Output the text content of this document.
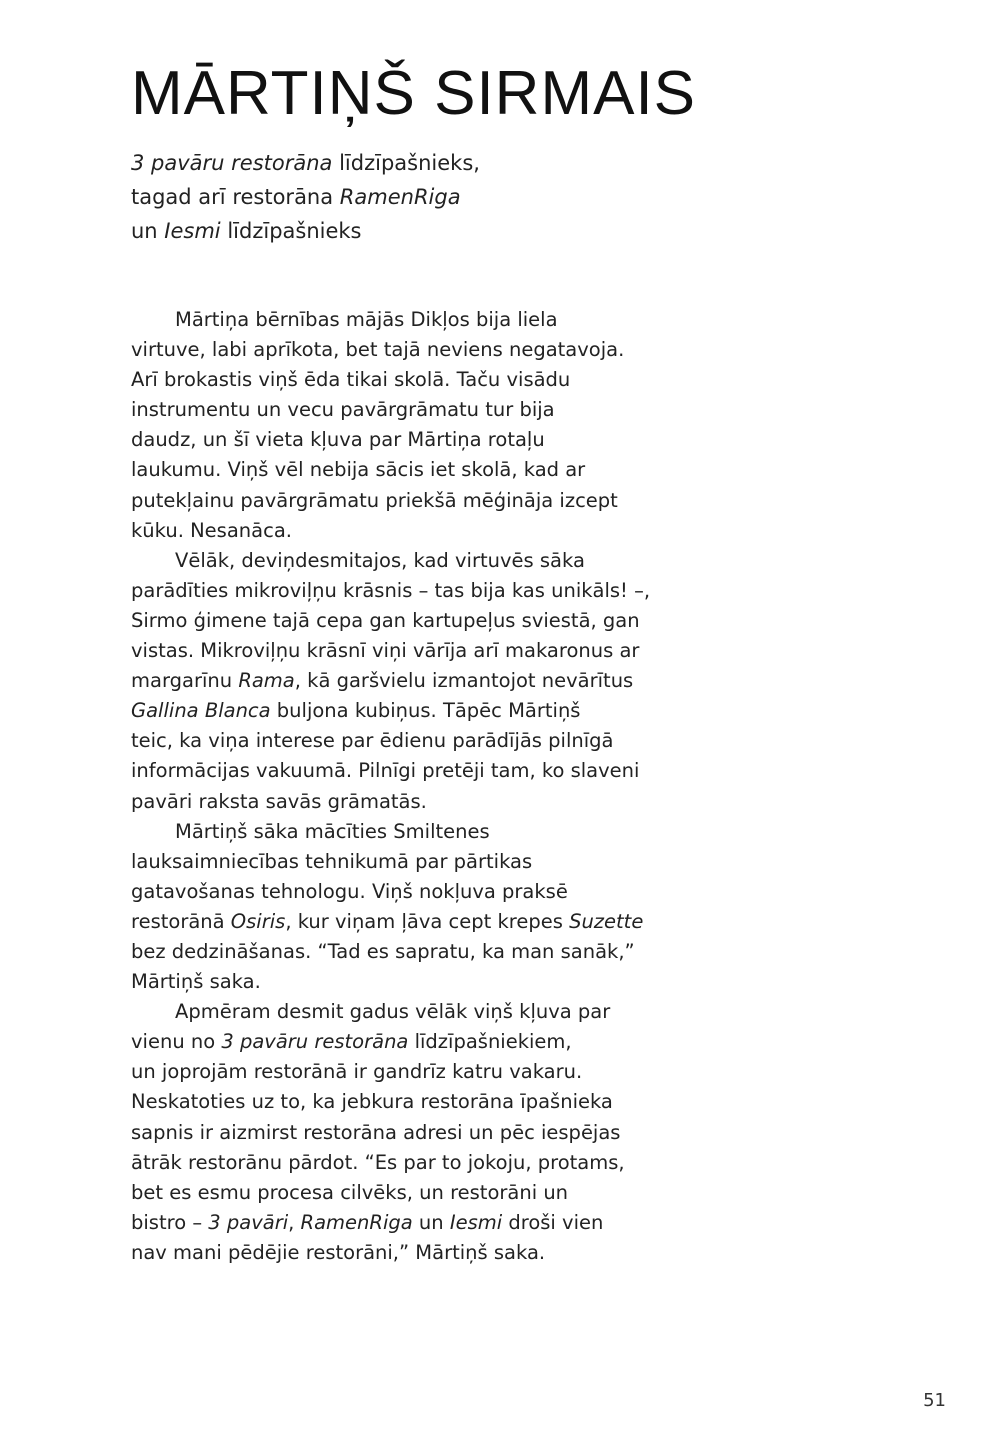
MĀRTIŅŠ SIRMAIS

3 pavāru restorāna līdzīpašnieks,
tagad arī restorāna RamenRiga
un Iesmi līdzīpašnieks

Mārtiņa bērnības mājās Dikļos bija liela
virtuve, labi aprīkota, bet tajā neviens negatavoja.
Arī brokastis viņš ēda tikai skolā. Taču visādu
instrumentu un vecu pavārgrāmatu tur bija
daudz, un šī vieta kļuva par Mārtiņa rotaļu
laukumu. Viņš vēl nebija sācis iet skolā, kad ar
putekļainu pavārgrāmatu priekšā mēģināja izcept
kūku. Nesanāca.
Vēlāk, deviņdesmitajos, kad virtuvēs sāka
parādīties mikroviļņu krāsnis – tas bija kas unikāls! –,
Sirmo ģimene tajā cepa gan kartupeļus sviestā, gan
vistas. Mikroviļņu krāsnī viņi vārīja arī makaronus ar
margarīnu Rama, kā garšvielu izmantojot nevārītus
Gallina Blanca buljona kubiņus. Tāpēc Mārtiņš
teic, ka viņa interese par ēdienu parādījās pilnīgā
informācijas vakuumā. Pilnīgi pretēji tam, ko slaveni
pavāri raksta savās grāmatās.
Mārtiņš sāka mācīties Smiltenes
lauksaimniecības tehnikumā par pārtikas
gatavošanas tehnologu. Viņš nokļuva praksē
restorānā Osiris, kur viņam ļāva cept krepes Suzette
bez dedzināšanas. “Tad es sapratu, ka man sanāk,”
Mārtiņš saka.
Apmēram desmit gadus vēlāk viņš kļuva par
vienu no 3 pavāru restorāna līdzīpašniekiem,
un joprojām restorānā ir gandrīz katru vakaru.
Neskatoties uz to, ka jebkura restorāna īpašnieka
sapnis ir aizmirst restorāna adresi un pēc iespējas
ātrāk restorānu pārdot. “Es par to jokoju, protams,
bet es esmu procesa cilvēks, un restorāni un
bistro – 3 pavāri, RamenRiga un Iesmi droši vien
nav mani pēdējie restorāni,” Mārtiņš saka.
51
